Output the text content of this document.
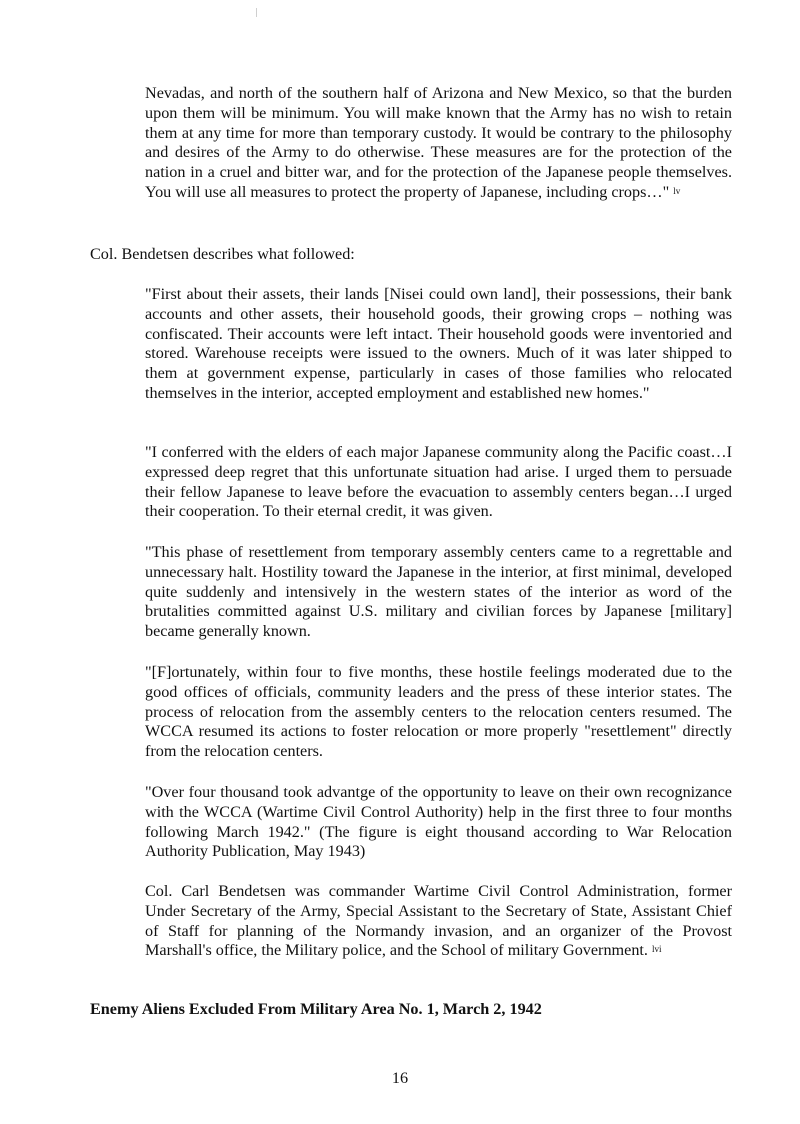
Nevadas, and north of the southern half of Arizona and New Mexico, so that the burden upon them will be minimum. You will make known that the Army has no wish to retain them at any time for more than temporary custody. It would be contrary to the philosophy and desires of the Army to do otherwise. These measures are for the protection of the nation in a cruel and bitter war, and for the protection of the Japanese people themselves. You will use all measures to protect the property of Japanese, including crops…" $^{lv}$

Col. Bendetsen describes what followed:

"First about their assets, their lands [Nisei could own land], their possessions, their bank accounts and other assets, their household goods, their growing crops – nothing was confiscated. Their accounts were left intact. Their household goods were inventoried and stored. Warehouse receipts were issued to the owners. Much of it was later shipped to them at government expense, particularly in cases of those families who relocated themselves in the interior, accepted employment and established new homes."

"I conferred with the elders of each major Japanese community along the Pacific coast…I expressed deep regret that this unfortunate situation had arise. I urged them to persuade their fellow Japanese to leave before the evacuation to assembly centers began…I urged their cooperation. To their eternal credit, it was given.

"This phase of resettlement from temporary assembly centers came to a regrettable and unnecessary halt. Hostility toward the Japanese in the interior, at first minimal, developed quite suddenly and intensively in the western states of the interior as word of the brutalities committed against U.S. military and civilian forces by Japanese [military] became generally known.

"[F]ortunately, within four to five months, these hostile feelings moderated due to the good offices of officials, community leaders and the press of these interior states. The process of relocation from the assembly centers to the relocation centers resumed. The WCCA resumed its actions to foster relocation or more properly "resettlement" directly from the relocation centers.

"Over four thousand took advantge of the opportunity to leave on their own recognizance with the WCCA (Wartime Civil Control Authority) help in the first three to four months following March 1942." (The figure is eight thousand according to War Relocation Authority Publication, May 1943)

Col. Carl Bendetsen was commander Wartime Civil Control Administration, former Under Secretary of the Army, Special Assistant to the Secretary of State, Assistant Chief of Staff for planning of the Normandy invasion, and an organizer of the Provost Marshall's office, the Military police, and the School of military Government. $^{lvi}$

Enemy Aliens Excluded From Military Area No. 1, March 2, 1942

16
